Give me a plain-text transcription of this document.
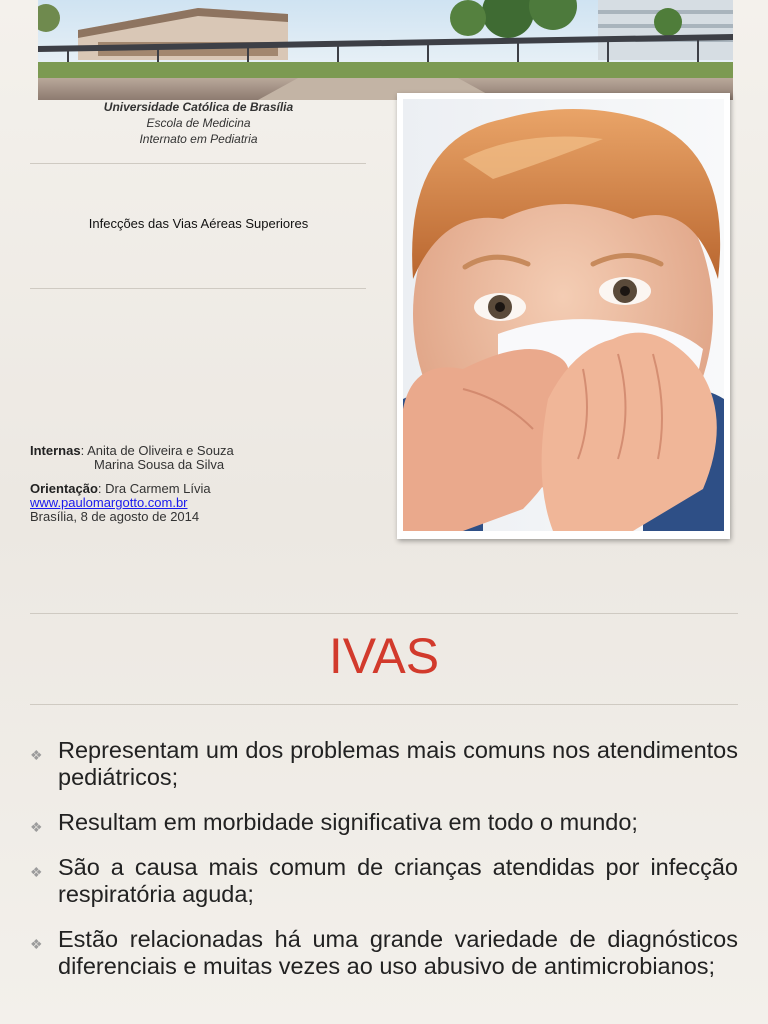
Universidade Católica de Brasília
Escola de Medicina
Internato em Pediatria
Infecções das Vias Aéreas Superiores
Internas: Anita de Oliveira e Souza
Marina Sousa da Silva
Orientação: Dra Carmem Lívia
www.paulomargotto.com.br
Brasília, 8 de agosto de 2014
IVAS
❖ Representam um dos problemas mais comuns nos atendimentos pediátricos;
❖ Resultam em morbidade significativa em todo o mundo;
❖ São a causa mais comum de crianças atendidas por infecção respiratória aguda;
❖ Estão relacionadas há uma grande variedade de diagnósticos diferenciais e muitas vezes ao uso abusivo de antimicrobianos;
